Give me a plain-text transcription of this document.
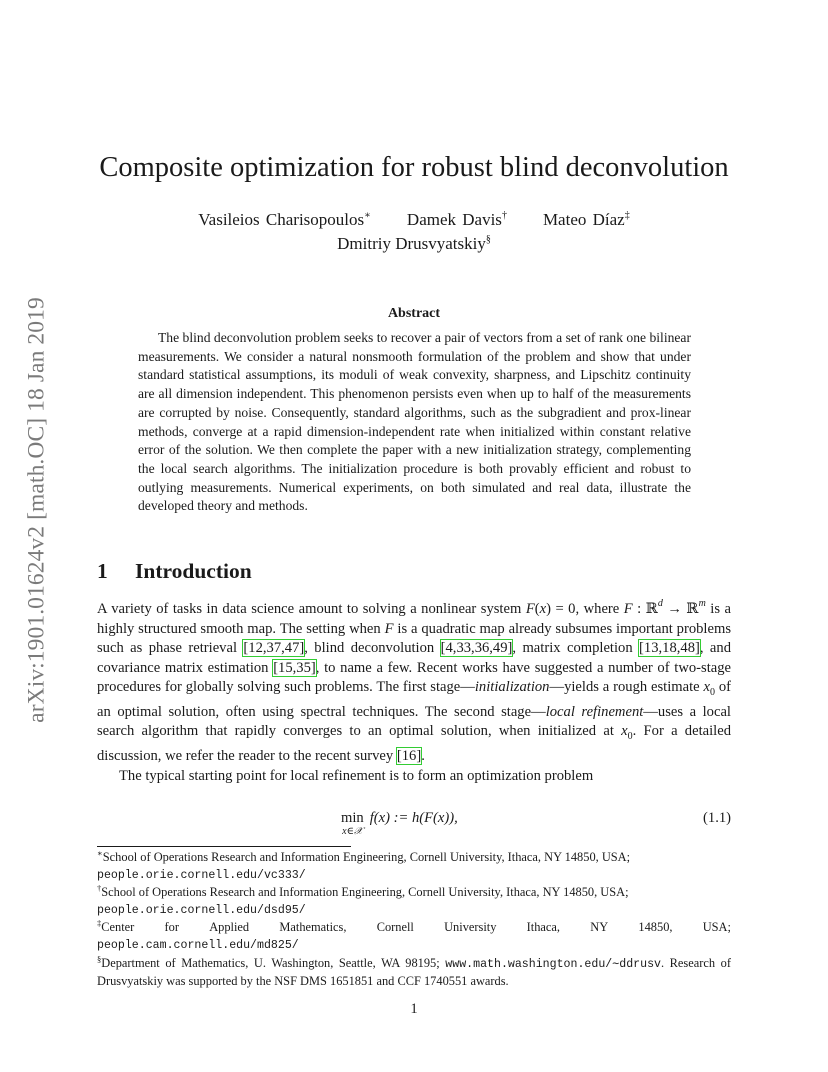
arXiv:1901.01624v2 [math.OC] 18 Jan 2019
Composite optimization for robust blind deconvolution
Vasileios Charisopoulos∗ Damek Davis† Mateo Díaz‡
Dmitriy Drusvyatskiy§
Abstract

The blind deconvolution problem seeks to recover a pair of vectors from a set of rank one bilinear measurements. We consider a natural nonsmooth formulation of the problem and show that under standard statistical assumptions, its moduli of weak convexity, sharpness, and Lipschitz continuity are all dimension independent. This phenomenon persists even when up to half of the measurements are corrupted by noise. Consequently, standard algorithms, such as the subgradient and prox-linear methods, converge at a rapid dimension-independent rate when initialized within constant relative error of the solution. We then complete the paper with a new initialization strategy, complementing the local search algorithms. The initialization procedure is both provably efficient and robust to outlying measurements. Numerical experiments, on both simulated and real data, illustrate the developed theory and methods.

1 Introduction

A variety of tasks in data science amount to solving a nonlinear system F(x) = 0, where F : ℝ$^d$ → ℝ$^m$ is a highly structured smooth map. The setting when F is a quadratic map already subsumes important problems such as phase retrieval [12,37,47], blind deconvolution [4,33,36,49], matrix completion [13,18,48], and covariance matrix estimation [15,35], to name a few. Recent works have suggested a number of two-stage procedures for globally solving such problems. The first stage—initialization—yields a rough estimate $x_0$ of an optimal solution, often using spectral techniques. The second stage—local refinement—uses a local search algorithm that rapidly converges to an optimal solution, when initialized at $x_0$. For a detailed discussion, we refer the reader to the recent survey [16].

The typical starting point for local refinement is to form an optimization problem

min
x∈𝒳
f(x) := h(F(x)),	(1.1)
∗School of Operations Research and Information Engineering, Cornell University, Ithaca, NY 14850, USA;
people.orie.cornell.edu/vc333/
†School of Operations Research and Information Engineering, Cornell University, Ithaca, NY 14850, USA;
people.orie.cornell.edu/dsd95/
‡Center for Applied Mathematics, Cornell University Ithaca, NY 14850, USA;
people.cam.cornell.edu/md825/
§Department of Mathematics, U. Washington, Seattle, WA 98195; www.math.washington.edu/∼ddrusv. Research of Drusvyatskiy was supported by the NSF DMS 1651851 and CCF 1740551 awards.
1
